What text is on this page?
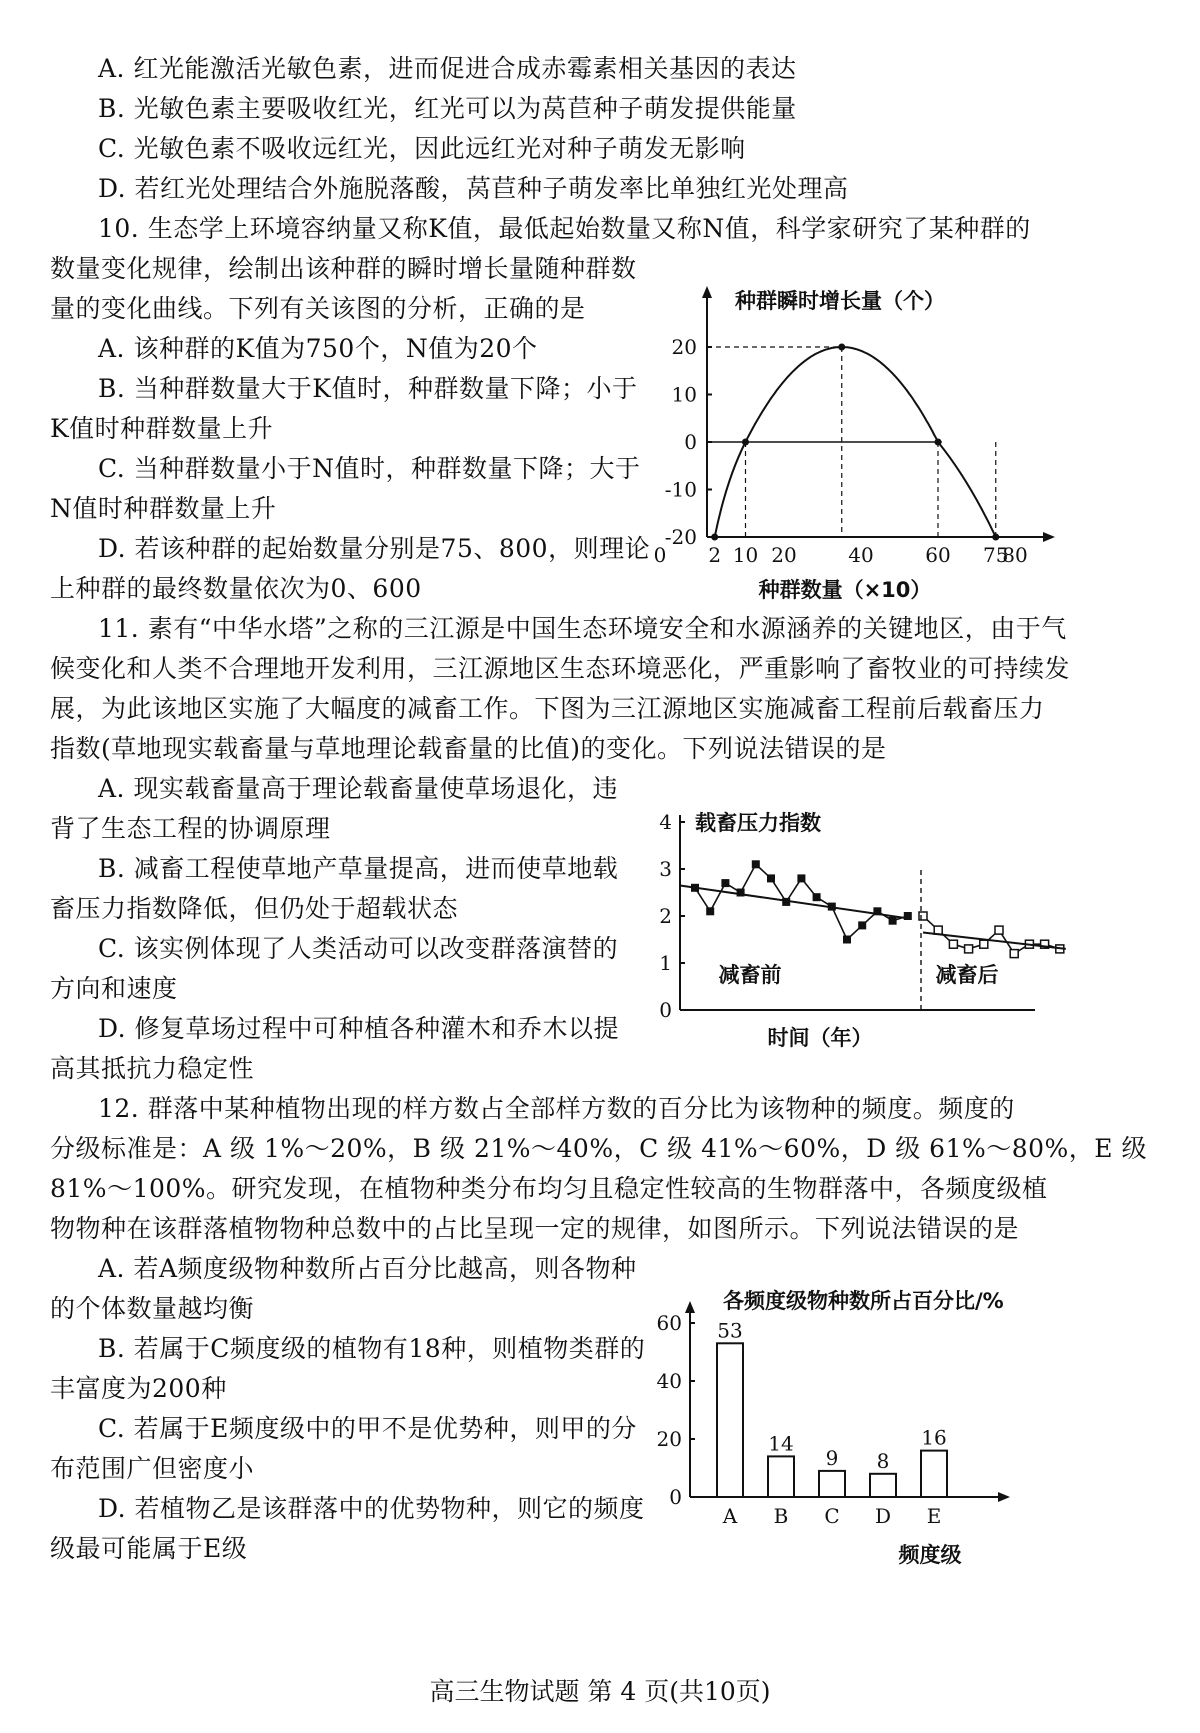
A. 红光能激活光敏色素，进而促进合成赤霉素相关基因的表达
B. 光敏色素主要吸收红光，红光可以为莴苣种子萌发提供能量
C. 光敏色素不吸收远红光，因此远红光对种子萌发无影响
D. 若红光处理结合外施脱落酸，莴苣种子萌发率比单独红光处理高
10. 生态学上环境容纳量又称K值，最低起始数量又称N值，科学家研究了某种群的
数量变化规律，绘制出该种群的瞬时增长量随种群数
量的变化曲线。下列有关该图的分析，正确的是
A. 该种群的K值为750个，N值为20个
B. 当种群数量大于K值时，种群数量下降；小于
K值时种群数量上升
C. 当种群数量小于N值时，种群数量下降；大于
N值时种群数量上升
D. 若该种群的起始数量分别是75、800，则理论
上种群的最终数量依次为0、600
11. 素有“中华水塔”之称的三江源是中国生态环境安全和水源涵养的关键地区，由于气
候变化和人类不合理地开发利用，三江源地区生态环境恶化，严重影响了畜牧业的可持续发
展，为此该地区实施了大幅度的减畜工作。下图为三江源地区实施减畜工程前后载畜压力
指数(草地现实载畜量与草地理论载畜量的比值)的变化。下列说法错误的是
A. 现实载畜量高于理论载畜量使草场退化，违
背了生态工程的协调原理
B. 减畜工程使草地产草量提高，进而使草地载
畜压力指数降低，但仍处于超载状态
C. 该实例体现了人类活动可以改变群落演替的
方向和速度
D. 修复草场过程中可种植各种灌木和乔木以提
高其抵抗力稳定性
12. 群落中某种植物出现的样方数占全部样方数的百分比为该物种的频度。频度的
分级标准是：A 级 1%～20%，B 级 21%～40%，C 级 41%～60%，D 级 61%～80%，E 级
81%～100%。研究发现，在植物种类分布均匀且稳定性较高的生物群落中，各频度级植
物物种在该群落植物物种总数中的占比呈现一定的规律，如图所示。下列说法错误的是
A. 若A频度级物种数所占百分比越高，则各物种
的个体数量越均衡
B. 若属于C频度级的植物有18种，则植物类群的
丰富度为200种
C. 若属于E频度级中的甲不是优势种，则甲的分
布范围广但密度小
D. 若植物乙是该群落中的优势物种，则它的频度
级最可能属于E级
种群瞬时增长量（个）
20
10
0
-10
-20
0 2 10 20	40	60 75
80
种群数量（×10）
载畜压力指数
0
1
2
3
4
减畜前	减畜后
时间（年）
各频度级物种数所占百分比/%
0
20
40
60 53
A
14
B
9
C
8
D
16
E
频度级
高三生物试题 第 4 页(共10页)
